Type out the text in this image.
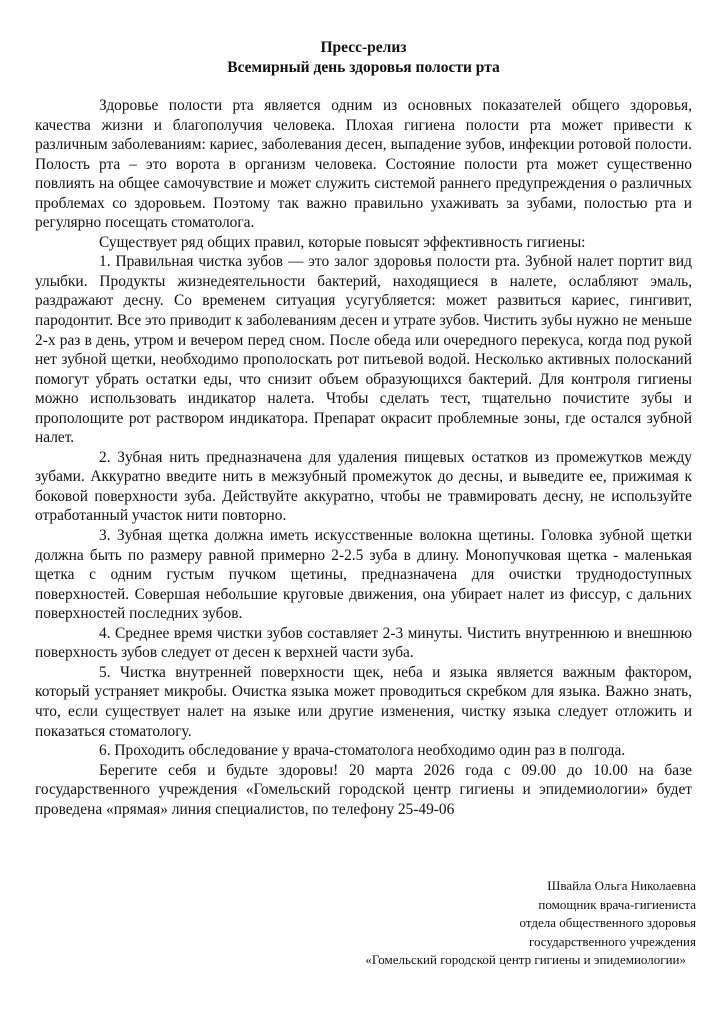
Пресс-релиз
Всемирный день здоровья полости рта

Здоровье полости рта является одним из основных показателей общего здоровья, качества жизни и благополучия человека. Плохая гигиена полости рта может привести к различным заболеваниям: кариес, заболевания десен, выпадение зубов, инфекции ротовой полости. Полость рта – это ворота в организм человека. Состояние полости рта может существенно повлиять на общее самочувствие и может служить системой раннего предупреждения о различных проблемах со здоровьем. Поэтому так важно правильно ухаживать за зубами, полостью рта и регулярно посещать стоматолога.

Существует ряд общих правил, которые повысят эффективность гигиены:

1. Правильная чистка зубов — это залог здоровья полости рта. Зубной налет портит вид улыбки. Продукты жизнедеятельности бактерий, находящиеся в налете, ослабляют эмаль, раздражают десну. Со временем ситуация усугубляется: может развиться кариес, гингивит, пародонтит. Все это приводит к заболеваниям десен и утрате зубов. Чистить зубы нужно не меньше 2-х раз в день, утром и вечером перед сном. После обеда или очередного перекуса, когда под рукой нет зубной щетки, необходимо прополоскать рот питьевой водой. Несколько активных полосканий помогут убрать остатки еды, что снизит объем образующихся бактерий. Для контроля гигиены можно использовать индикатор налета. Чтобы сделать тест, тщательно почистите зубы и прополощите рот раствором индикатора. Препарат окрасит проблемные зоны, где остался зубной налет.

2. Зубная нить предназначена для удаления пищевых остатков из промежутков между зубами. Аккуратно введите нить в межзубный промежуток до десны, и выведите ее, прижимая к боковой поверхности зуба. Действуйте аккуратно, чтобы не травмировать десну, не используйте отработанный участок нити повторно.

3. Зубная щетка должна иметь искусственные волокна щетины. Головка зубной щетки должна быть по размеру равной примерно 2-2.5 зуба в длину. Монопучковая щетка - маленькая щетка с одним густым пучком щетины, предназначена для очистки труднодоступных поверхностей. Совершая небольшие круговые движения, она убирает налет из фиссур, с дальних поверхностей последних зубов.

4. Среднее время чистки зубов составляет 2-3 минуты. Чистить внутреннюю и внешнюю поверхность зубов следует от десен к верхней части зуба.

5. Чистка внутренней поверхности щек, неба и языка является важным фактором, который устраняет микробы. Очистка языка может проводиться скребком для языка. Важно знать, что, если существует налет на языке или другие изменения, чистку языка следует отложить и показаться стоматологу.

6. Проходить обследование у врача-стоматолога необходимо один раз в полгода.

Берегите себя и будьте здоровы! 20 марта 2026 года с 09.00 до 10.00 на базе государственного учреждения «Гомельский городской центр гигиены и эпидемиологии» будет проведена «прямая» линия специалистов, по телефону 25-49-06

Швайла Ольга Николаевна
помощник врача-гигиениста
отдела общественного здоровья
государственного учреждения
«Гомельский городской центр гигиены и эпидемиологии»
